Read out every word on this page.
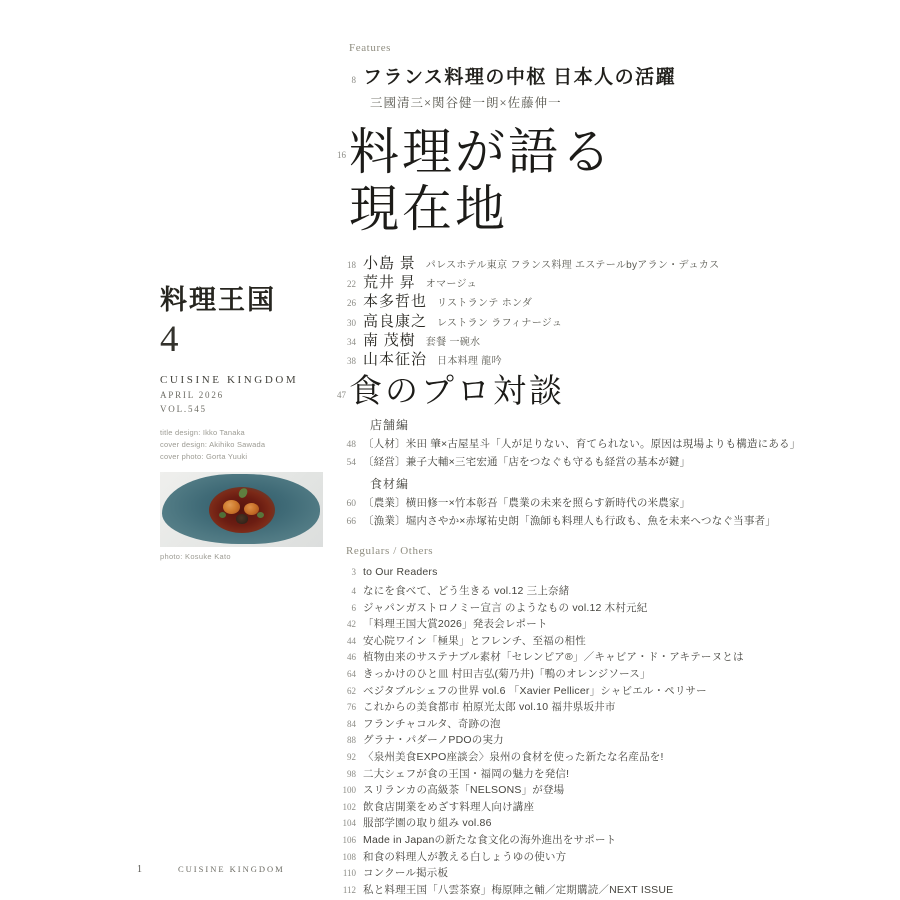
料理王国
4
CUISINE KINGDOM
APRIL 2026
VOL.545
title design: Ikko Tanaka
cover design: Akihiko Sawada
cover photo: Gorta Yuuki
photo: Kosuke Kato
Features
8 フランス料理の中枢 日本人の活躍
三國清三×関谷健一朗×佐藤伸一
16 料理が語る
現在地
18 小島 景 パレスホテル東京 フランス料理 エステールbyアラン・デュカス
22 荒井 昇 オマージュ
26 本多哲也 リストランテ ホンダ
30 高良康之 レストラン ラフィナージュ
34 南 茂樹 套餐 一碗水
38 山本征治 日本料理 龍吟
47 食のプロ対談
店舗編
48 〔人材〕米田 肇×古屋星斗「人が足りない、育てられない。原因は現場よりも構造にある」
54 〔経営〕兼子大輔×三宅宏通「店をつなぐも守るも経営の基本が鍵」
食材編
60 〔農業〕横田修一×竹本彰吾「農業の未来を照らす新時代の米農家」
66 〔漁業〕堀内さやか×赤塚祐史朗「漁師も料理人も行政も、魚を未来へつなぐ当事者」
Regulars / Others
3 to Our Readers
4 なにを食べて、どう生きる vol.12 三上奈緒
6 ジャパンガストロノミー宣言 のようなもの vol.12 木村元紀
42 「料理王国大賞2026」発表会レポート
44 安心院ワイン「極果」とフレンチ、至福の相性
46 植物由来のサステナブル素材「セレンピア®」／キャビア・ド・アキテーヌとは
64 きっかけのひと皿 村田吉弘(菊乃井)「鴨のオレンジソース」
62 ベジタブルシェフの世界 vol.6 「Xavier Pellicer」シャビエル・ペリサー
76 これからの美食都市 柏原光太郎 vol.10 福井県坂井市
84 フランチャコルタ、奇跡の泡
88 グラナ・パダーノPDOの実力
92 〈泉州美食EXPO座談会〉泉州の食材を使った新たな名産品を!
98 二大シェフが食の王国・福岡の魅力を発信!
100 スリランカの高級茶「NELSONS」が登場
102 飲食店開業をめざす料理人向け講座
104 服部学園の取り組み vol.86
106 Made in Japanの新たな食文化の海外進出をサポート
108 和食の料理人が教える白しょうゆの使い方
110 コンクール掲示板
112 私と料理王国「八雲茶寮」梅原陣之輔／定期購読／NEXT ISSUE
1	CUISINE KINGDOM
